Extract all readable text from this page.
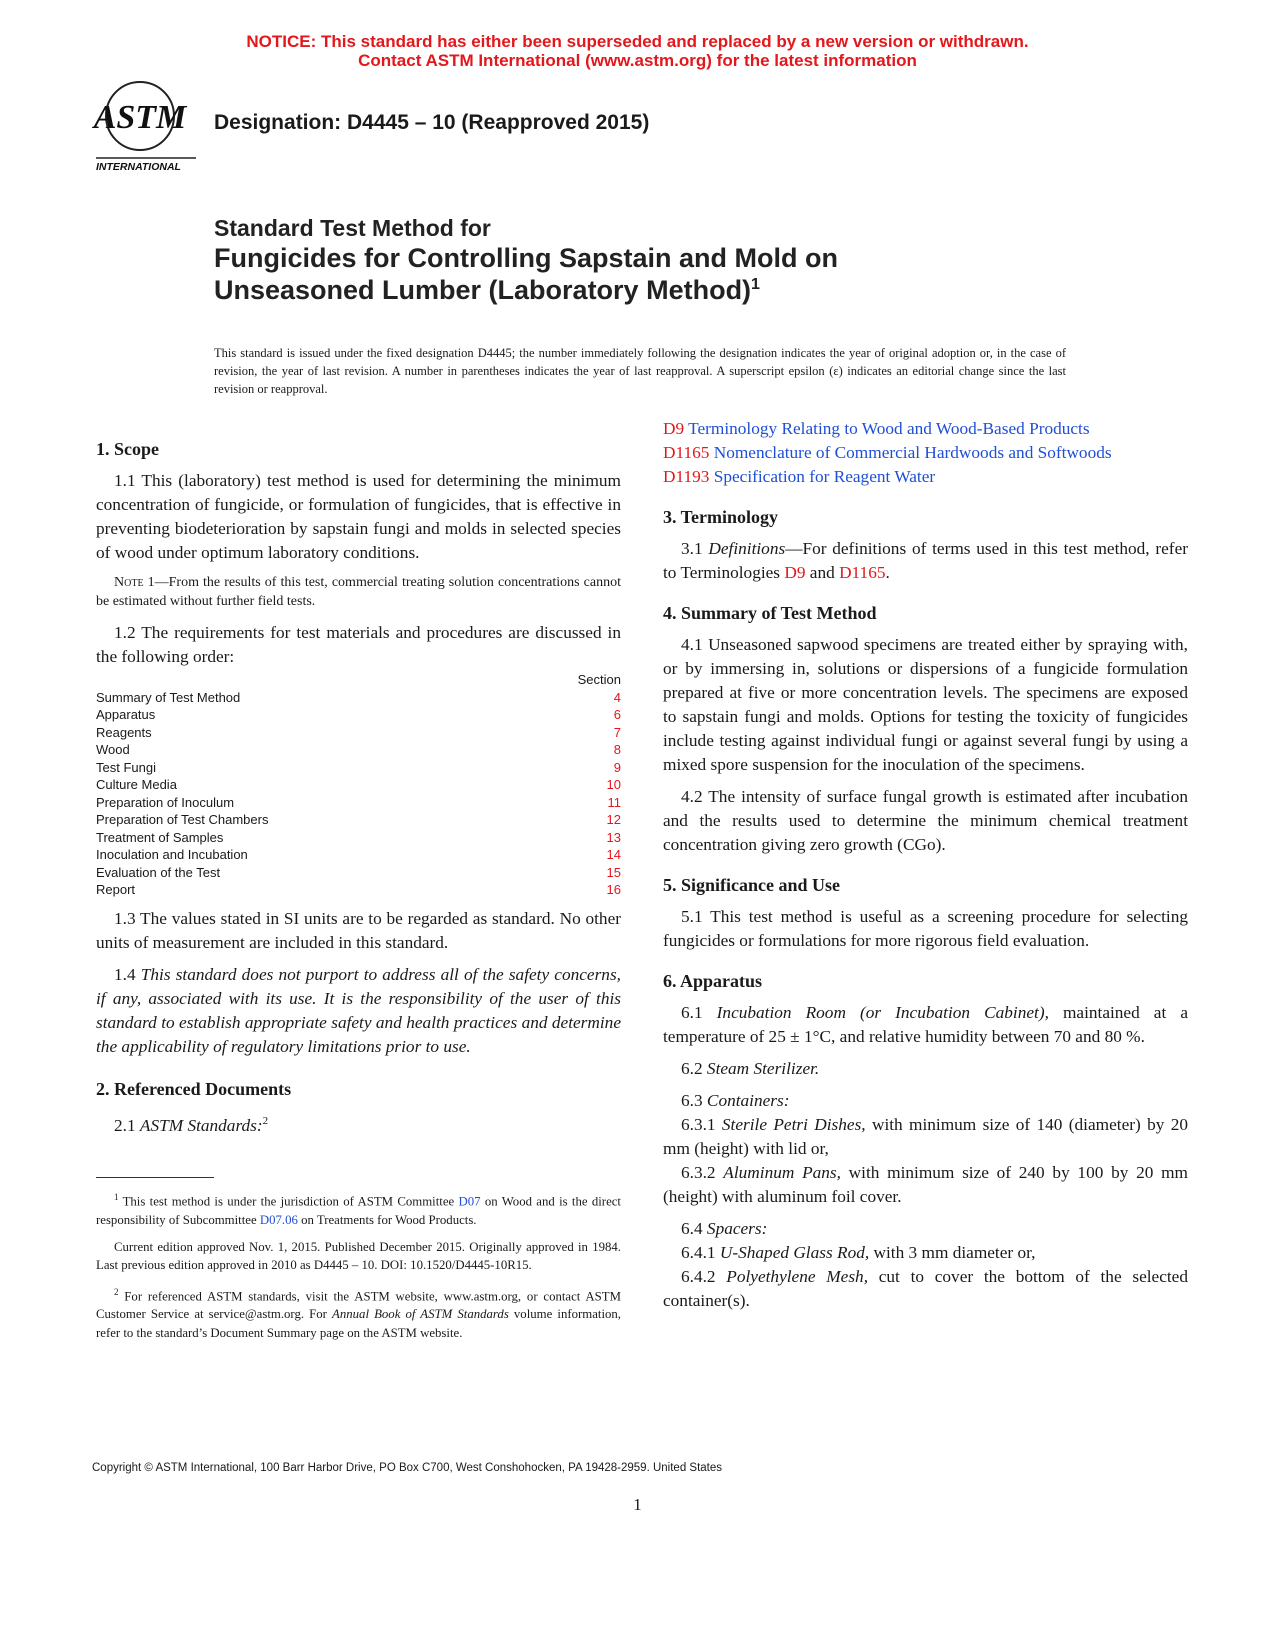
NOTICE: This standard has either been superseded and replaced by a new version or withdrawn.
Contact ASTM International (www.astm.org) for the latest information
ASTM
INTERNATIONAL
Designation: D4445 – 10 (Reapproved 2015)
Standard Test Method for
Fungicides for Controlling Sapstain and Mold on
Unseasoned Lumber (Laboratory Method)$^1$
This standard is issued under the fixed designation D4445; the number immediately following the designation indicates the year of original adoption or, in the case of revision, the year of last revision. A number in parentheses indicates the year of last reapproval. A superscript epsilon (ε) indicates an editorial change since the last revision or reapproval.
1. Scope

1.1 This (laboratory) test method is used for determining the minimum concentration of fungicide, or formulation of fungicides, that is effective in preventing biodeterioration by sapstain fungi and molds in selected species of wood under optimum laboratory conditions.

Note 1—From the results of this test, commercial treating solution concentrations cannot be estimated without further field tests.

1.2 The requirements for test materials and procedures are discussed in the following order:

Section
Summary of Test Method	4
Apparatus	6
Reagents	7
Wood	8
Test Fungi	9
Culture Media	10
Preparation of Inoculum	11
Preparation of Test Chambers	12
Treatment of Samples	13
Inoculation and Incubation	14
Evaluation of the Test	15
Report	16

1.3 The values stated in SI units are to be regarded as standard. No other units of measurement are included in this standard.

1.4 This standard does not purport to address all of the safety concerns, if any, associated with its use. It is the responsibility of the user of this standard to establish appropriate safety and health practices and determine the applicability of regulatory limitations prior to use.

2. Referenced Documents

2.1 ASTM Standards:$^2$

$^1$ This test method is under the jurisdiction of ASTM Committee D07 on Wood and is the direct responsibility of Subcommittee D07.06 on Treatments for Wood Products.

Current edition approved Nov. 1, 2015. Published December 2015. Originally approved in 1984. Last previous edition approved in 2010 as D4445 – 10. DOI: 10.1520/D4445-10R15.

$^2$ For referenced ASTM standards, visit the ASTM website, www.astm.org, or contact ASTM Customer Service at service@astm.org. For Annual Book of ASTM Standards volume information, refer to the standard’s Document Summary page on the ASTM website.

D9 Terminology Relating to Wood and Wood-Based Products
D1165 Nomenclature of Commercial Hardwoods and Softwoods
D1193 Specification for Reagent Water
3. Terminology

3.1 Definitions—For definitions of terms used in this test method, refer to Terminologies D9 and D1165.

4. Summary of Test Method

4.1 Unseasoned sapwood specimens are treated either by spraying with, or by immersing in, solutions or dispersions of a fungicide formulation prepared at five or more concentration levels. The specimens are exposed to sapstain fungi and molds. Options for testing the toxicity of fungicides include testing against individual fungi or against several fungi by using a mixed spore suspension for the inoculation of the specimens.

4.2 The intensity of surface fungal growth is estimated after incubation and the results used to determine the minimum chemical treatment concentration giving zero growth (CGo).

5. Significance and Use

5.1 This test method is useful as a screening procedure for selecting fungicides or formulations for more rigorous field evaluation.

6. Apparatus

6.1 Incubation Room (or Incubation Cabinet), maintained at a temperature of 25 ± 1°C, and relative humidity between 70 and 80 %.

6.2 Steam Sterilizer.

6.3 Containers:

6.3.1 Sterile Petri Dishes, with minimum size of 140 (diameter) by 20 mm (height) with lid or,

6.3.2 Aluminum Pans, with minimum size of 240 by 100 by 20 mm (height) with aluminum foil cover.

6.4 Spacers:

6.4.1 U-Shaped Glass Rod, with 3 mm diameter or,

6.4.2 Polyethylene Mesh, cut to cover the bottom of the selected container(s).

Copyright © ASTM International, 100 Barr Harbor Drive, PO Box C700, West Conshohocken, PA 19428-2959. United States
1
